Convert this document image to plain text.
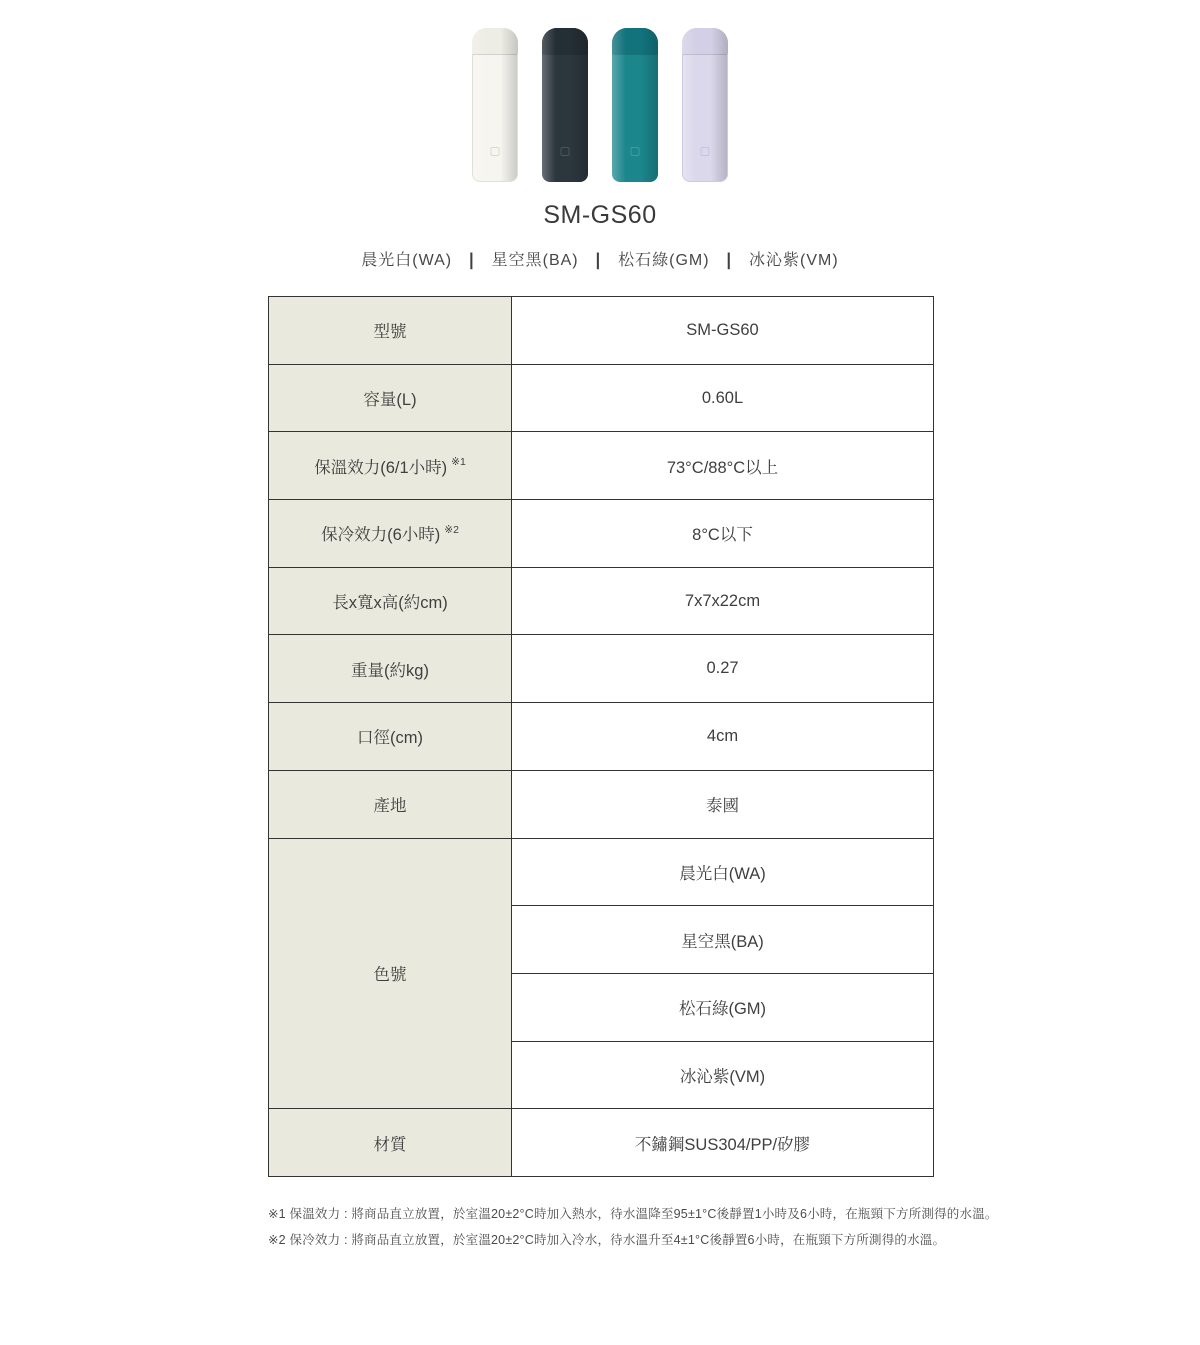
SM-GS60
晨光白(WA) | 星空黑(BA) | 松石綠(GM) | 冰沁紫(VM)
型號	SM-GS60
容量(L)	0.60L
保溫效力(6/1小時) $^{※1}$	73°C/88°C以上
保冷效力(6小時) $^{※2}$	8°C以下
長x寬x高(約cm)	7x7x22cm
重量(約kg)	0.27
口徑(cm)	4cm
產地	泰國
色號	晨光白(WA)
	星空黑(BA)
	松石綠(GM)
	冰沁紫(VM)
材質	不鏽鋼SUS304/PP/矽膠
※1 保溫效力 : 將商品直立放置，於室溫20±2°C時加入熱水，待水溫降至95±1°C後靜置1小時及6小時，在瓶頸下方所測得的水溫。
※2 保冷效力 : 將商品直立放置，於室溫20±2°C時加入冷水，待水溫升至4±1°C後靜置6小時，在瓶頸下方所測得的水溫。
